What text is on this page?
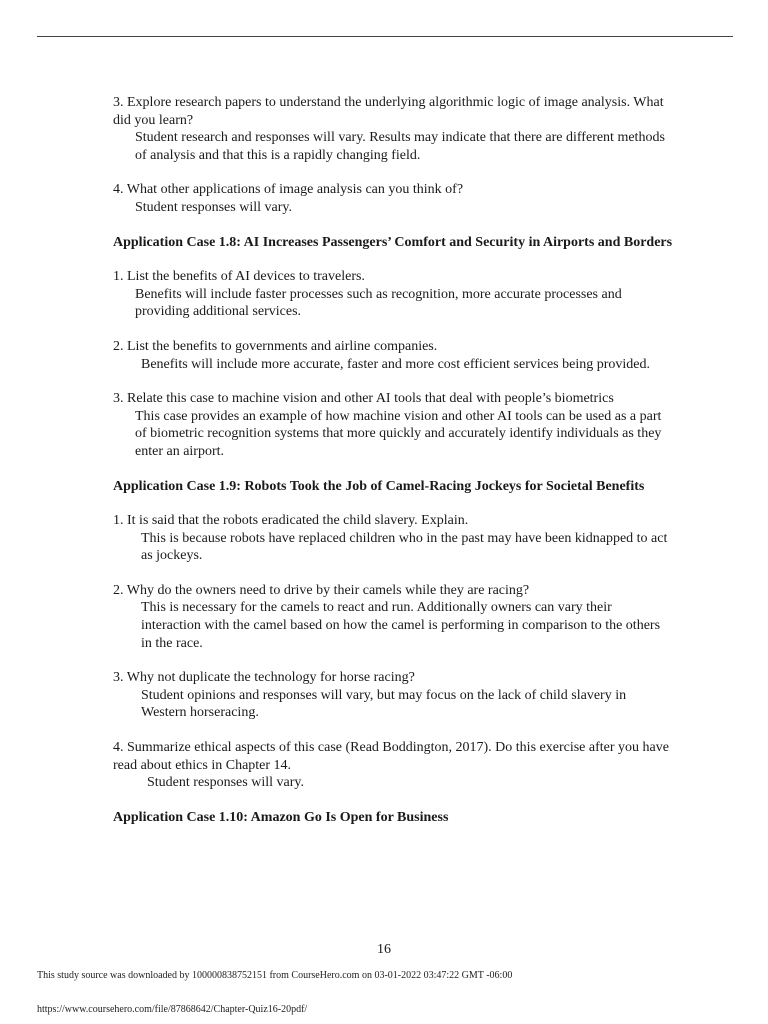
3. Explore research papers to understand the underlying algorithmic logic of image analysis. What did you learn?
Student research and responses will vary. Results may indicate that there are different methods of analysis and that this is a rapidly changing field.
4. What other applications of image analysis can you think of?
Student responses will vary.
Application Case 1.8: AI Increases Passengers’ Comfort and Security in Airports and Borders
1. List the benefits of AI devices to travelers.
Benefits will include faster processes such as recognition, more accurate processes and providing additional services.
2. List the benefits to governments and airline companies.
Benefits will include more accurate, faster and more cost efficient services being provided.
3. Relate this case to machine vision and other AI tools that deal with people’s biometrics
This case provides an example of how machine vision and other AI tools can be used as a part of biometric recognition systems that more quickly and accurately identify individuals as they enter an airport.
Application Case 1.9: Robots Took the Job of Camel-Racing Jockeys for Societal Benefits
1. It is said that the robots eradicated the child slavery. Explain.
This is because robots have replaced children who in the past may have been kidnapped to act as jockeys.
2. Why do the owners need to drive by their camels while they are racing?
This is necessary for the camels to react and run. Additionally owners can vary their interaction with the camel based on how the camel is performing in comparison to the others in the race.
3. Why not duplicate the technology for horse racing?
Student opinions and responses will vary, but may focus on the lack of child slavery in Western horseracing.
4. Summarize ethical aspects of this case (Read Boddington, 2017). Do this exercise after you have read about ethics in Chapter 14.
Student responses will vary.
Application Case 1.10: Amazon Go Is Open for Business
16
This study source was downloaded by 100000838752151 from CourseHero.com on 03-01-2022 03:47:22 GMT -06:00
https://www.coursehero.com/file/87868642/Chapter-Quiz16-20pdf/
